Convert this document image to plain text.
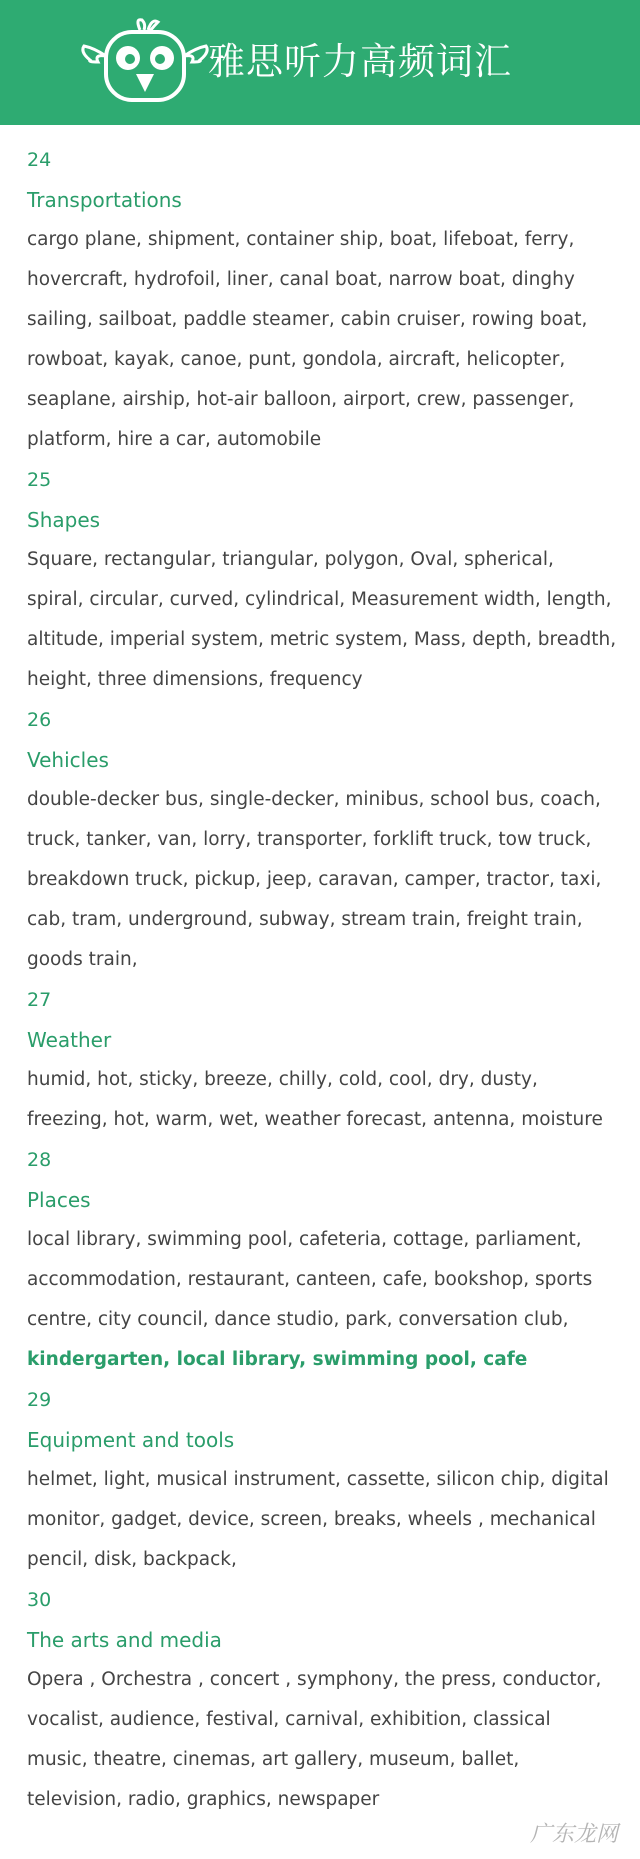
雅思听力高频词汇
24
Transportations
cargo plane, shipment, container ship, boat, lifeboat, ferry,
hovercraft, hydrofoil, liner, canal boat, narrow boat, dinghy
sailing, sailboat, paddle steamer, cabin cruiser, rowing boat,
rowboat, kayak, canoe, punt, gondola, aircraft, helicopter,
seaplane, airship, hot-air balloon, airport, crew, passenger,
platform, hire a car, automobile
25
Shapes
Square, rectangular, triangular, polygon, Oval, spherical,
spiral, circular, curved, cylindrical, Measurement width, length,
altitude, imperial system, metric system, Mass, depth, breadth,
height, three dimensions, frequency
26
Vehicles
double-decker bus, single-decker, minibus, school bus, coach,
truck, tanker, van, lorry, transporter, forklift truck, tow truck,
breakdown truck, pickup, jeep, caravan, camper, tractor, taxi,
cab, tram, underground, subway, stream train, freight train,
goods train,
27
Weather
humid, hot, sticky, breeze, chilly, cold, cool, dry, dusty,
freezing, hot, warm, wet, weather forecast, antenna, moisture
28
Places
local library, swimming pool, cafeteria, cottage, parliament,
accommodation, restaurant, canteen, cafe, bookshop, sports
centre, city council, dance studio, park, conversation club,
kindergarten, local library, swimming pool, cafe
29
Equipment and tools
helmet, light, musical instrument, cassette, silicon chip, digital
monitor, gadget, device, screen, breaks, wheels , mechanical
pencil, disk, backpack,
30
The arts and media
Opera , Orchestra , concert , symphony, the press, conductor,
vocalist, audience, festival, carnival, exhibition, classical
music, theatre, cinemas, art gallery, museum, ballet,
television, radio, graphics, newspaper
广东龙网
